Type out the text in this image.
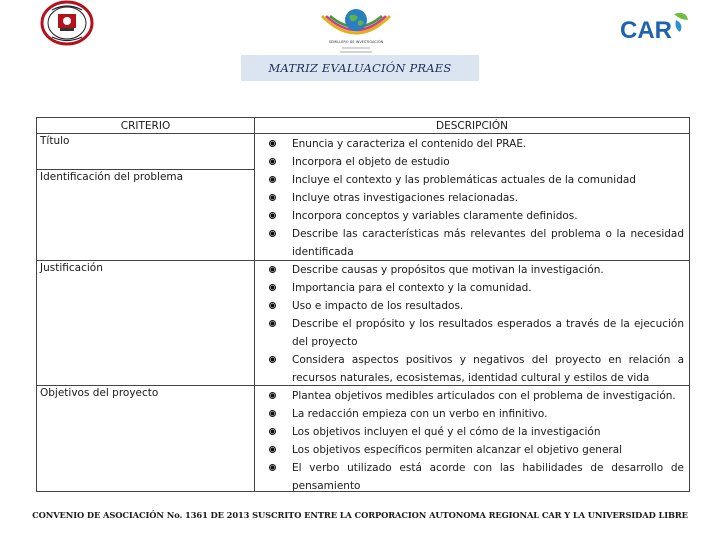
SEMILLERO DE INVESTIGACIÓN	CAR
MATRIZ EVALUACIÓN PRAES
CRITERIO	DESCRIPCIÓN
Título
Identificación del problema
Justificación
Objetivos del proyecto
Enuncia y caracteriza el contenido del PRAE.
Incorpora el objeto de estudio
Incluye el contexto y las problemáticas actuales de la comunidad
Incluye otras investigaciones relacionadas.
Incorpora conceptos y variables claramente definidos.
Describe las características más relevantes del problema o la necesidad identificada
Describe causas y propósitos que motivan la investigación.
Importancia para el contexto y la comunidad.
Uso e impacto de los resultados.
Describe el propósito y los resultados esperados a través de la ejecución del proyecto
Considera aspectos positivos y negativos del proyecto en relación a recursos naturales, ecosistemas, identidad cultural y estilos de vida
Plantea objetivos medibles articulados con el problema de investigación.
La redacción empieza con un verbo en infinitivo.
Los objetivos incluyen el qué y el cómo de la investigación
Los objetivos específicos permiten alcanzar el objetivo general
El verbo utilizado está acorde con las habilidades de desarrollo de pensamiento
CONVENIO DE ASOCIACIÓN No. 1361 DE 2013 SUSCRITO ENTRE LA CORPORACION AUTONOMA REGIONAL CAR Y LA UNIVERSIDAD LIBRE
